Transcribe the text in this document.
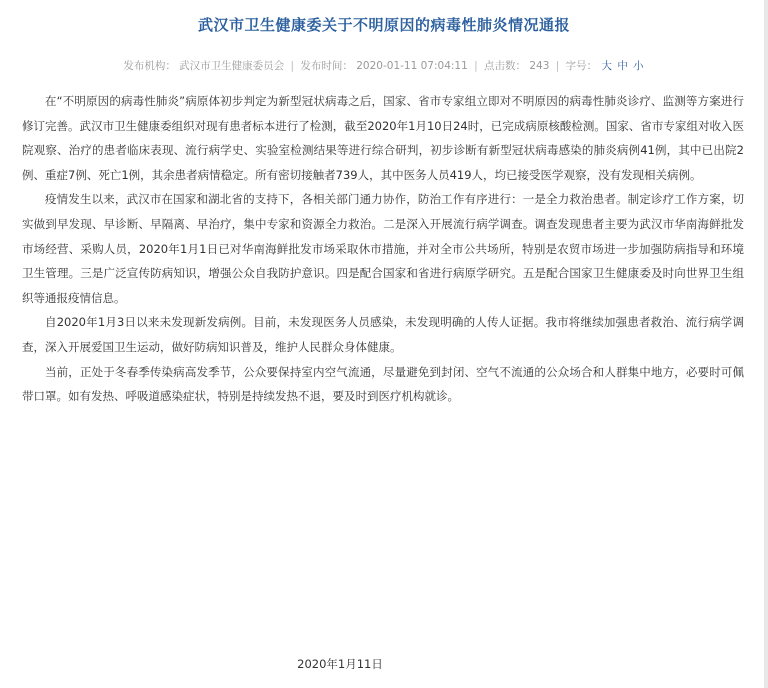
武汉市卫生健康委关于不明原因的病毒性肺炎情况通报
发布机构： 武汉市卫生健康委员会 | 发布时间： 2020-01-11 07:04:11 | 点击数： 243 | 字号： 大 中 小

在“不明原因的病毒性肺炎”病原体初步判定为新型冠状病毒之后，国家、省市专家组立即对不明原因的病毒性肺炎诊疗、监测等方案进行修订完善。武汉市卫生健康委组织对现有患者标本进行了检测，截至2020年1月10日24时，已完成病原核酸检测。国家、省市专家组对收入医院观察、治疗的患者临床表现、流行病学史、实验室检测结果等进行综合研判，初步诊断有新型冠状病毒感染的肺炎病例41例，其中已出院2例、重症7例、死亡1例，其余患者病情稳定。所有密切接触者739人，其中医务人员419人，均已接受医学观察，没有发现相关病例。

疫情发生以来，武汉市在国家和湖北省的支持下，各相关部门通力协作，防治工作有序进行：一是全力救治患者。制定诊疗工作方案，切实做到早发现、早诊断、早隔离、早治疗，集中专家和资源全力救治。二是深入开展流行病学调查。调查发现患者主要为武汉市华南海鲜批发市场经营、采购人员，2020年1月1日已对华南海鲜批发市场采取休市措施，并对全市公共场所，特别是农贸市场进一步加强防病指导和环境卫生管理。三是广泛宣传防病知识，增强公众自我防护意识。四是配合国家和省进行病原学研究。五是配合国家卫生健康委及时向世界卫生组织等通报疫情信息。

自2020年1月3日以来未发现新发病例。目前，未发现医务人员感染，未发现明确的人传人证据。我市将继续加强患者救治、流行病学调查，深入开展爱国卫生运动，做好防病知识普及，维护人民群众身体健康。

当前，正处于冬春季传染病高发季节，公众要保持室内空气流通，尽量避免到封闭、空气不流通的公众场合和人群集中地方，必要时可佩带口罩。如有发热、呼吸道感染症状，特别是持续发热不退，要及时到医疗机构就诊。

2020年1月11日
